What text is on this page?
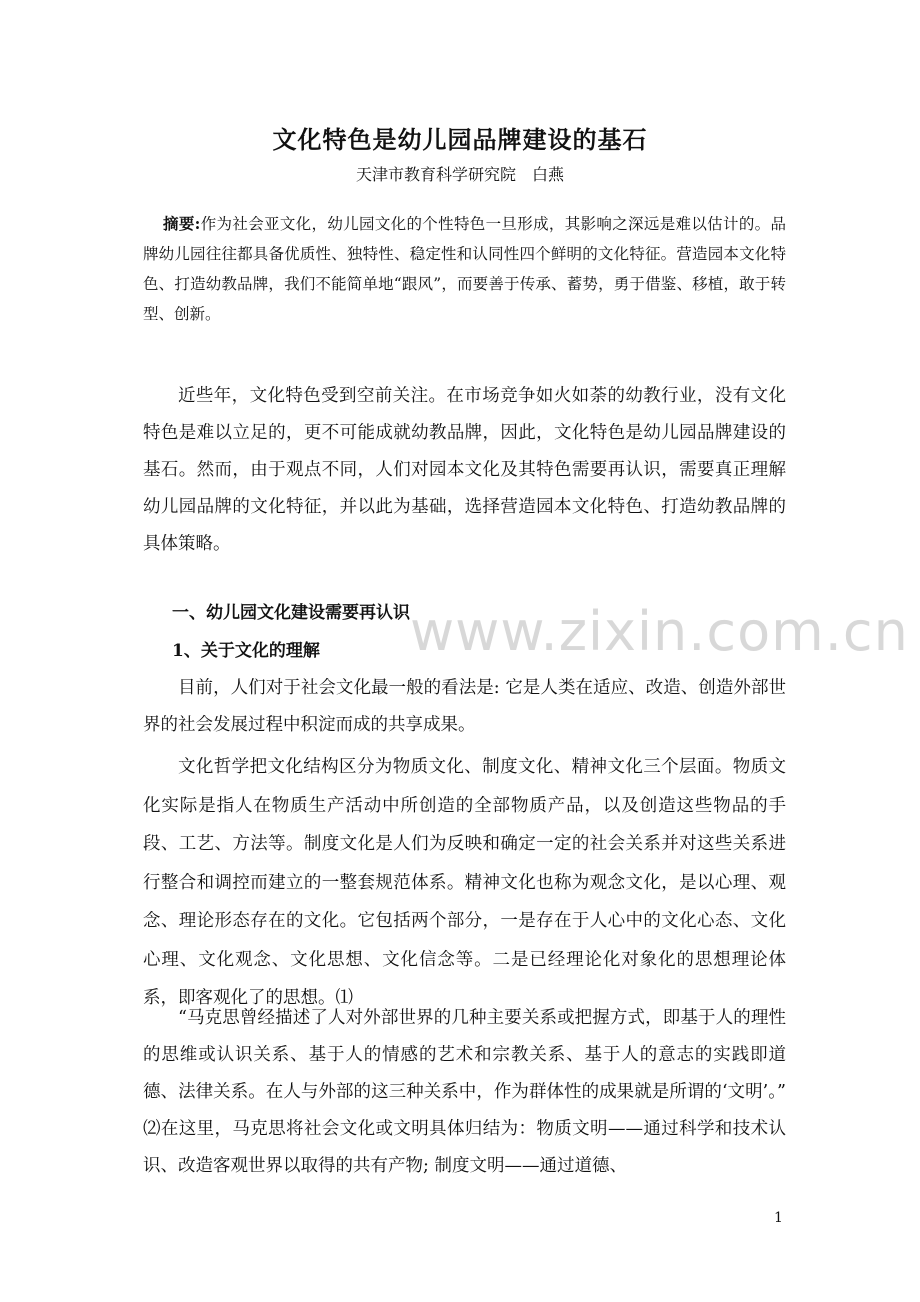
文化特色是幼儿园品牌建设的基石
天津市教育科学研究院　白燕
摘要:作为社会亚文化，幼儿园文化的个性特色一旦形成，其影响之深远是难以估计的。品牌幼儿园往往都具备优质性、独特性、稳定性和认同性四个鲜明的文化特征。营造园本文化特色、打造幼教品牌，我们不能简单地“跟风”，而要善于传承、蓄势，勇于借鉴、移植，敢于转型、创新。

近些年，文化特色受到空前关注。在市场竞争如火如荼的幼教行业，没有文化特色是难以立足的，更不可能成就幼教品牌，因此，文化特色是幼儿园品牌建设的基石。然而，由于观点不同，人们对园本文化及其特色需要再认识，需要真正理解幼儿园品牌的文化特征，并以此为基础，选择营造园本文化特色、打造幼教品牌的具体策略。

一、幼儿园文化建设需要再认识
1、关于文化的理解

目前，人们对于社会文化最一般的看法是: 它是人类在适应、改造、创造外部世界的社会发展过程中积淀而成的共享成果。

文化哲学把文化结构区分为物质文化、制度文化、精神文化三个层面。物质文化实际是指人在物质生产活动中所创造的全部物质产品，以及创造这些物品的手段、工艺、方法等。制度文化是人们为反映和确定一定的社会关系并对这些关系进行整合和调控而建立的一整套规范体系。精神文化也称为观念文化，是以心理、观念、理论形态存在的文化。它包括两个部分，一是存在于人心中的文化心态、文化心理、文化观念、文化思想、文化信念等。二是已经理论化对象化的思想理论体系，即客观化了的思想。⑴

“马克思曾经描述了人对外部世界的几种主要关系或把握方式，即基于人的理性的思维或认识关系、基于人的情感的艺术和宗教关系、基于人的意志的实践即道德、法律关系。在人与外部的这三种关系中，作为群体性的成果就是所谓的‘文明’。” ⑵在这里，马克思将社会文化或文明具体归结为：物质文明——通过科学和技术认识、改造客观世界以取得的共有产物; 制度文明——通过道德、

www.zixin.com.cn
1
